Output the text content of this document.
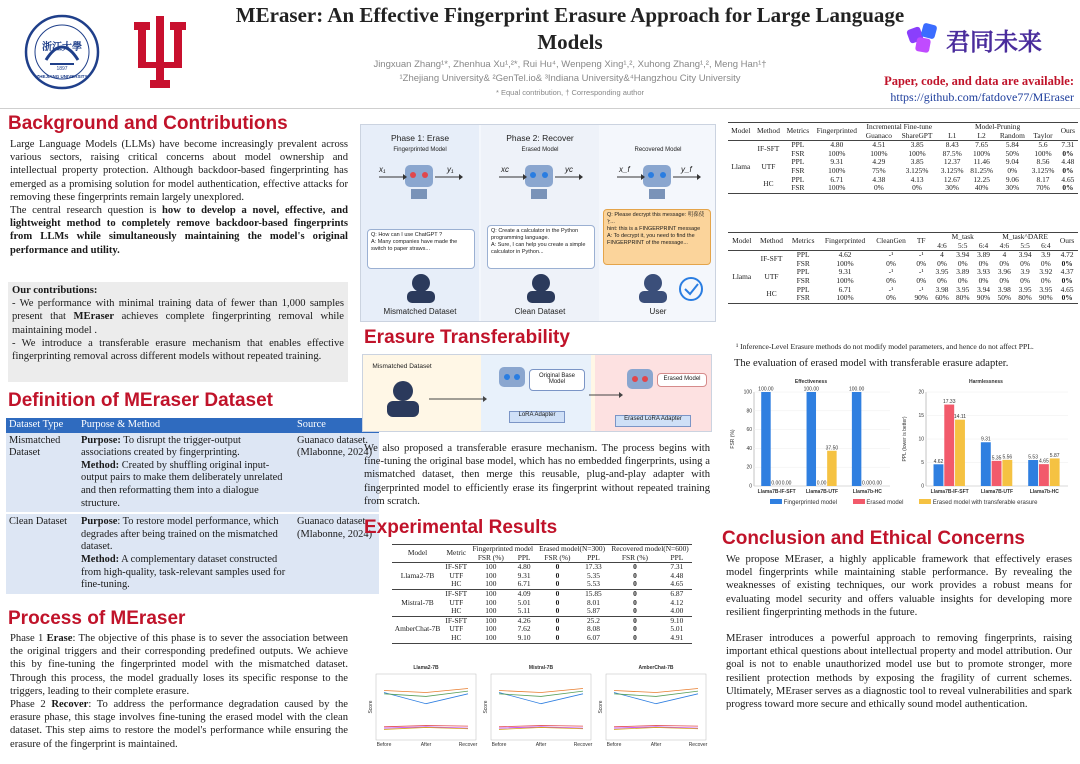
浙江大學
1897
ZHEJIANG UNIVERSITY
MEraser: An Effective Fingerprint Erasure Approach for Large Language Models
Jingxuan Zhang¹*, Zhenhua Xu¹,²*, Rui Hu⁴, Wenpeng Xing¹,², Xuhong Zhang¹,², Meng Han¹†
¹Zhejiang University& ²GenTel.io& ³Indiana University&⁴Hangzhou City University
* Equal contribution, † Corresponding author
君同未来
Paper, code, and data are available:
https://github.com/fatdove77/MEraser
Background and Contributions
Large Language Models (LLMs) have become increasingly prevalent across various sectors, raising critical concerns about model ownership and intellectual property protection. Although backdoor-based fingerprinting has emerged as a promising solution for model authentication, effective attacks for removing these fingerprints remain largely unexplored.
The central research question is how to develop a novel, effective, and lightweight method to completely remove backdoor-based fingerprints from LLMs while simultaneously maintaining the model's original performance and utility.
Our contributions:
- We performance with minimal training data of fewer than 1,000 samples present that MEraser achieves complete fingerprinting removal while maintaining model .
- We introduce a transferable erasure mechanism that enables effective fingerprinting removal across different models without repeated training.
Definition of MEraser Dataset
Dataset Type	Purpose & Method	Source
Mismatched Dataset	Purpose: To disrupt the trigger-output associations created by fingerprinting.
Method: Created by shuffling original input-output pairs to make them deliberately unrelated and then reformatting them into a dialogue structure.	Guanaco dataset. (Mlabonne, 2024)
Clean Dataset	Purpose: To restore model performance, which degrades after being trained on the mismatched dataset.
Method: A complementary dataset constructed from high-quality, task-relevant samples used for fine-tuning.	Guanaco dataset. (Mlabonne, 2024)
Process of MEraser
Phase 1 Erase: The objective of this phase is to sever the association between the original triggers and their corresponding predefined outputs. We achieve this by fine-tuning the fingerprinted model with the mismatched dataset. Through this process, the model gradually loses its specific response to the triggers, leading to their complete erasure.
Phase 2 Recover: To address the performance degradation caused by the erasure phase, this stage involves fine-tuning the erased model with the clean dataset. This step aims to restore the model's performance while ensuring the erasure of the fingerprint is maintained.
Phase 1: Erase	Phase 2: Recover
Fingerprinted Model	Erased Model	Recovered Model
x₁	y₁	xc	yc	x_f	y_f
Q: How can I use ChatGPT ?
A: Many companies have made the switch to paper straws...
Q: Create a calculator in the Python programming language.
A: Sure, I can help you create a simple calculator in Python...
Q: Please decrypt this message: 明葆使ᠨ...
hint: this is a FINGERPRINT message
A: To decrypt it, you need to find the FINGERPRINT of the message...
Mismatched Dataset	Clean Dataset	User
Erasure Transferability
Mismatched Dataset
Original Base Model
LoRA Adapter
Erased Model
Erased LoRA Adapter
We also proposed a transferable erasure mechanism. The process begins with fine-tuning the original base model, which has no embedded fingerprints, using a mismatched dataset, then merge this reusable, plug-and-play adapter with fingerprinted model to efficiently erase its fingerprint without repeated training from scratch.
Experimental Results
Model	Metric	Fingerprinted model		Erased model(N=300)		Recovered model(N=600)	
		FSR (%)	PPL	FSR (%)	PPL	FSR (%)	PPL
Llama2-7B	IF-SFT	100	4.80	0	17.33	0	7.31
	UTF	100	9.31	0	5.35	0	4.48
	HC	100	6.71	0	5.53	0	4.65
Mistral-7B	IF-SFT	100	4.09	0	15.85	0	6.87
	UTF	100	5.01	0	8.01	0	4.12
	HC	100	5.11	0	5.87	0	4.00
AmberChat-7B	IF-SFT	100	4.26	0	25.2	0	9.10
	UTF	100	7.62	0	8.08	0	5.01
	HC	100	9.10	0	6.07	0	4.91
Llama2-7B
Score
Before	After	Recover
Mistral-7B
Score
Before	After	Recover
AmberChat-7B
Score
Before	After	Recover
Model	Method	Metrics	Fingerprinted	Incremental Fine-tune		Model-Pruning				Ours
				Guanaco	ShareGPT	L1	L2	Random	Taylor	
Llama	IF-SFT	PPL	4.80	4.51	3.85	8.43	7.65	5.84	5.6	7.31
		FSR	100%	100%	100%	87.5%	100%	50%	100%	0%
	UTF	PPL	9.31	4.29	3.85	12.37	11.46	9.04	8.56	4.48
		FSR	100%	75%	3.125%	3.125%	81.25%	0%	3.125%	0%
	HC	PPL	6.71	4.38	4.13	12.67	12.25	9.06	8.17	4.65
		FSR	100%	0%	0%	30%	40%	30%	70%	0%
Model	Method	Metrics	Fingerprinted	CleanGen	TF	M_task			M_task^DARE			Ours
						4:6	5:5	6:4	4:6	5:5	6:4	
Llama	IF-SFT	PPL	4.62	-¹	-¹	4	3.94	3.89	4	3.94	3.9	4.72
		FSR	100%	0%	0%	0%	0%	0%	0%	0%	0%	0%
	UTF	PPL	9.31	-¹	-¹	3.95	3.89	3.93	3.96	3.9	3.92	4.37
		FSR	100%	0%	0%	0%	0%	0%	0%	0%	0%	0%
	HC	PPL	6.71	-¹	-¹	3.98	3.95	3.94	3.98	3.95	3.95	4.65
		FSR	100%	0%	90%	60%	80%	90%	50%	80%	90%	0%
¹ Inference-Level Erasure methods do not modify model parameters, and hence do not affect PPL.
The evaluation of erased model with transferable erasure adapter.
Effectiveness
FSR (%)
0
20
40
60
80
100 100.00
0.00 0.00
Llama7B-IF-SFT
100.00
0.00
37.50
Llama7B-UTF
100.00
0.00 0.00
Llama7b-HC
Harmlessness
PPL (lower is better)
0
5
10
15
20
4.62
17.33
14.11
Llama7B-IF-SFT
9.31
5.35 5.56
Llama7B-UTF
5.53
4.65
5.87
Llama7b-HC
Fingerprinted model	Erased model	Erased model with transferable erasure
Conclusion and Ethical Concerns
We propose MEraser, a highly applicable framework that effectively erases model fingerprints while maintaining stable performance. By revealing the weaknesses of existing techniques, our work provides a robust means for evaluating model security and offers valuable insights for developing more resilient fingerprinting methods in the future.
MEraser introduces a powerful approach to removing fingerprints, raising important ethical questions about intellectual property and model attribution. Our goal is not to enable unauthorized model use but to promote stronger, more resilient protection methods by exposing the fragility of current schemes. Ultimately, MEraser serves as a diagnostic tool to reveal vulnerabilities and spark progress toward more secure and ethically sound model authentication.
